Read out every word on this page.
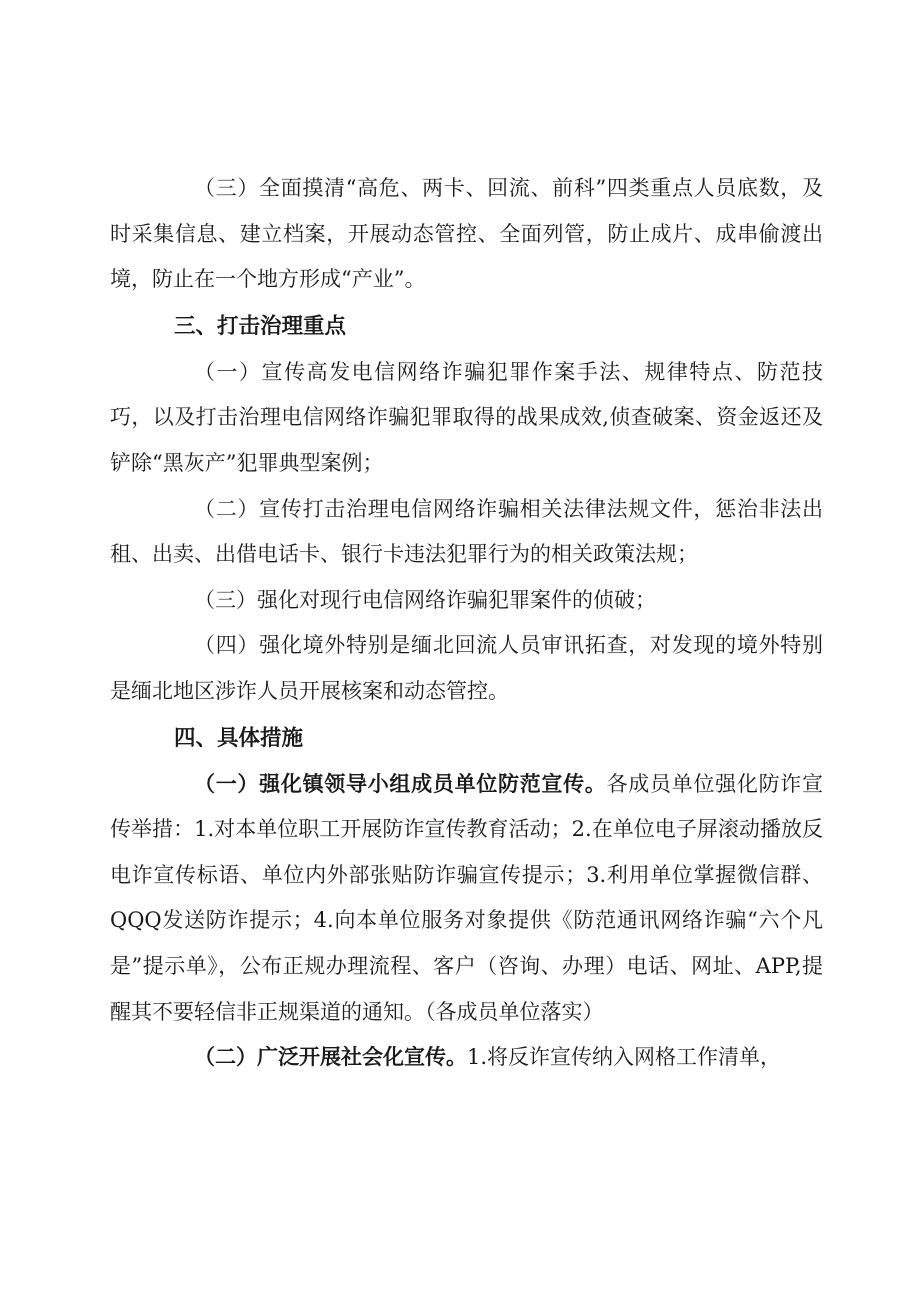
（三）全面摸清“高危、两卡、回流、前科”四类重点人员底数，及时采集信息、建立档案，开展动态管控、全面列管，防止成片、成串偷渡出境，防止在一个地方形成“产业”。

三、打击治理重点

（一）宣传高发电信网络诈骗犯罪作案手法、规律特点、防范技巧，以及打击治理电信网络诈骗犯罪取得的战果成效,侦查破案、资金返还及铲除“黑灰产”犯罪典型案例；

（二）宣传打击治理电信网络诈骗相关法律法规文件，惩治非法出租、出卖、出借电话卡、银行卡违法犯罪行为的相关政策法规；

（三）强化对现行电信网络诈骗犯罪案件的侦破；

（四）强化境外特别是缅北回流人员审讯拓查，对发现的境外特别是缅北地区涉诈人员开展核案和动态管控。

四、具体措施

（一）强化镇领导小组成员单位防范宣传。各成员单位强化防诈宣传举措：1.对本单位职工开展防诈宣传教育活动；2.在单位电子屏滚动播放反电诈宣传标语、单位内外部张贴防诈骗宣传提示；3.利用单位掌握微信群、QQQ发送防诈提示；4.向本单位服务对象提供《防范通讯网络诈骗“六个凡是”提示单》，公布正规办理流程、客户（咨询、办理）电话、网址、APP,提醒其不要轻信非正规渠道的通知。（各成员单位落实）

（二）广泛开展社会化宣传。1.将反诈宣传纳入网格工作清单，
